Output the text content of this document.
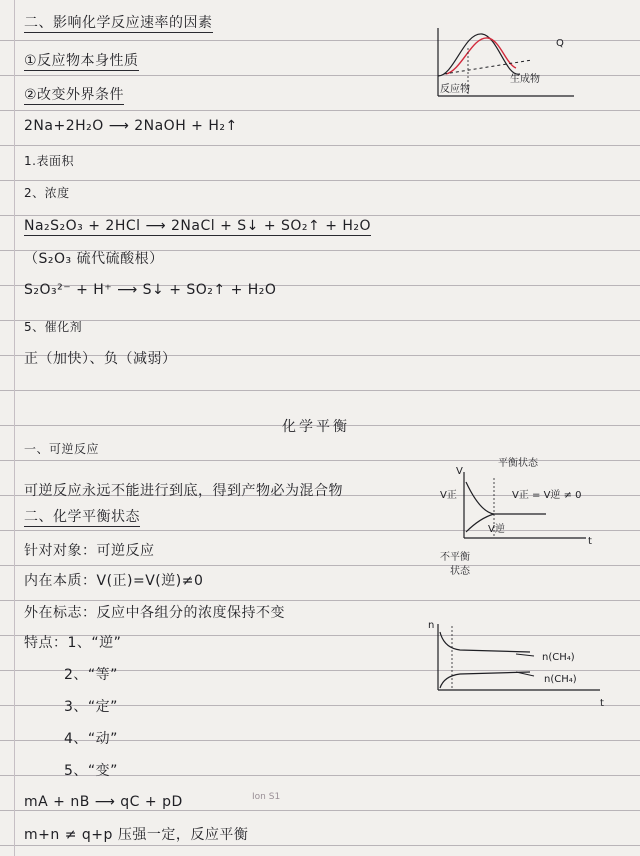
二、影响化学反应速率的因素
①反应物本身性质
②改变外界条件
2Na+2H₂O ⟶ 2NaOH + H₂↑
1.表面积
2、浓度
Na₂S₂O₃ + 2HCl ⟶ 2NaCl + S↓ + SO₂↑ + H₂O
（S₂O₃ 硫代硫酸根）
S₂O₃²⁻ + H⁺ ⟶ S↓ + SO₂↑ + H₂O
5、催化剂
正（加快）、负（减弱）
化学平衡
一、可逆反应
可逆反应永远不能进行到底，得到产物必为混合物
二、化学平衡状态
针对对象：可逆反应
内在本质：V(正)=V(逆)≠0
外在标志：反应中各组分的浓度保持不变
特点：1、“逆”
2、“等”
3、“定”
4、“动”
5、“变”
mA + nB ⟶ qC + pD
m+n ≠ q+p 压强一定，反应平衡
Ion S1
Q
反应物
生成物
平衡状态
V
V正
V逆
V正 = V逆 ≠ 0
t
不平衡
状态
n
n(CH₄)
n(CH₄)
t
